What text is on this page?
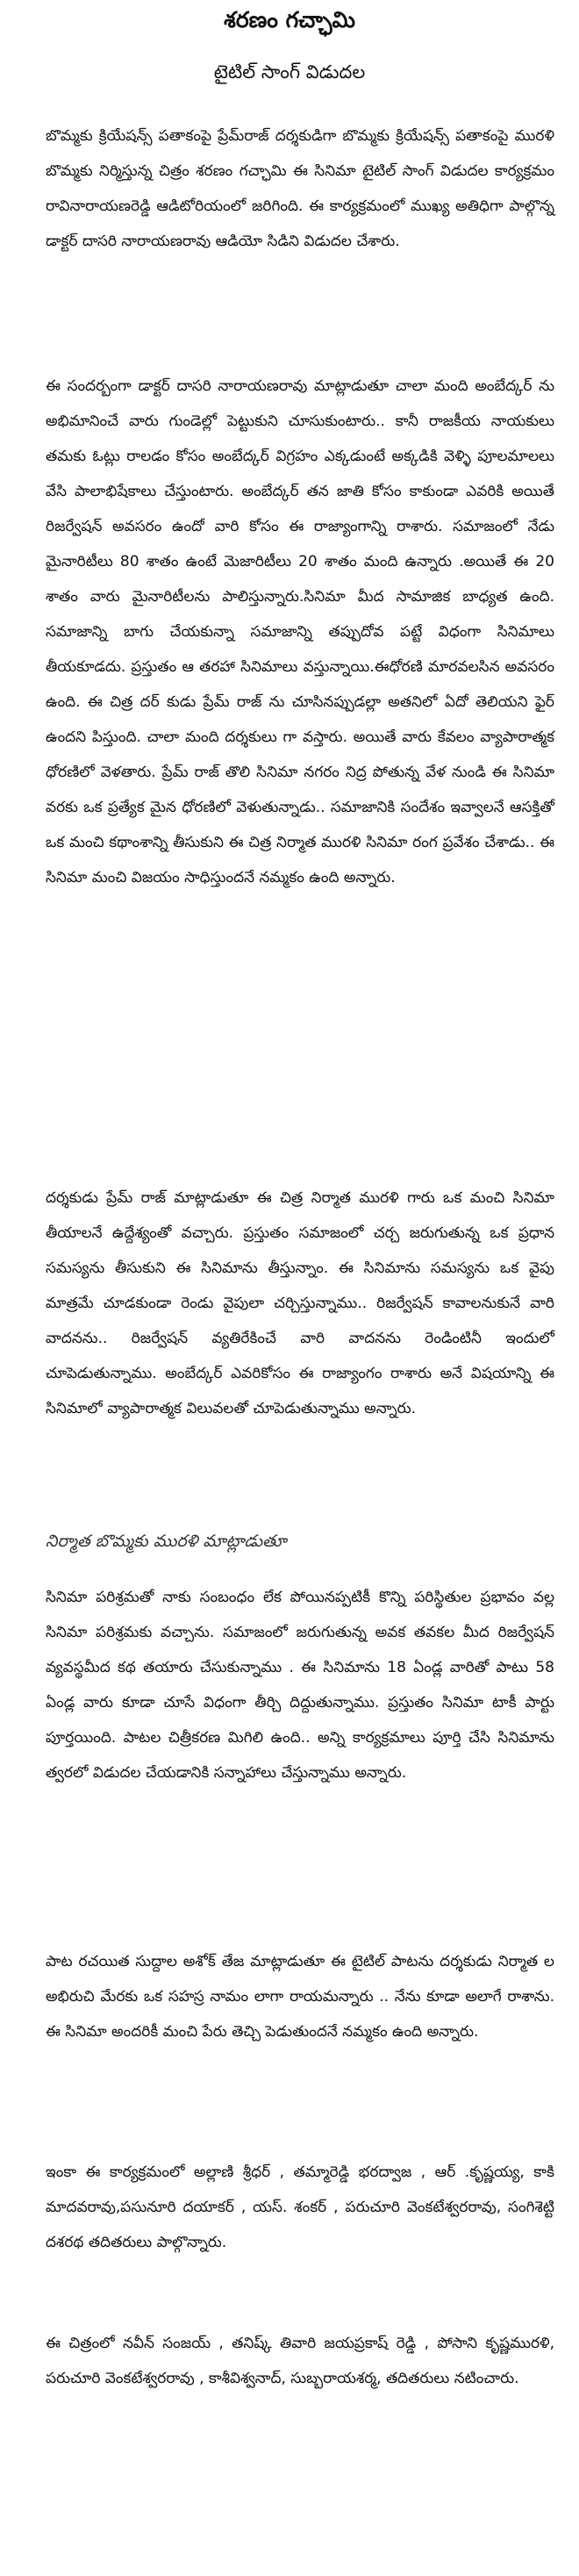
శరణం గచ్ఛామి
టైటిల్ సాంగ్ విడుదల

బొమ్మకు క్రియేషన్స్ పతాకంపై ప్రేమ్‌రాజ్ దర్శకుడిగా బొమ్మకు క్రియేషన్స్ పతాకంపై మురళి బొమ్మకు నిర్మిస్తున్న చిత్రం శరణం గచ్ఛామి ఈ సినిమా టైటిల్ సాంగ్ విడుదల కార్యక్రమం రావినారాయణరెడ్డి ఆడిటోరియంలో జరిగింది. ఈ కార్యక్రమంలో ముఖ్య అతిధిగా పాల్గొన్న డాక్టర్ దాసరి నారాయణరావు ఆడియో సిడిని విడుదల చేశారు.

ఈ సందర్బంగా డాక్టర్ దాసరి నారాయణరావు మాట్లాడుతూ చాలా మంది అంబేద్కర్ ను అభిమానించే వారు గుండెల్లో పెట్టుకుని చూసుకుంటారు.. కానీ రాజకీయ నాయకులు తమకు ఓట్లు రాలడం కోసం అంబేద్కర్ విగ్రహం ఎక్కడుంటే అక్కడికి వెళ్ళి పూలమాలలు వేసి పాలాభిషేకాలు చేస్తుంటారు. అంబేద్కర్ తన జాతి కోసం కాకుండా ఎవరికి అయితే రిజర్వేషన్ అవసరం ఉందో వారి కోసం ఈ రాజ్యాంగాన్ని రాశారు. సమాజంలో నేడు మైనారిటీలు 80 శాతం ఉంటే మెజారిటీలు 20 శాతం మంది ఉన్నారు .అయితే ఈ 20 శాతం వారు మైనారిటీలను పాలిస్తున్నారు.సినిమా మీద సామాజిక బాధ్యత ఉంది. సమాజాన్ని బాగు చేయకున్నా సమాజాన్ని తప్పుదోవ పట్టే విధంగా సినిమాలు తీయకూడదు. ప్రస్తుతం ఆ తరహా సినిమాలు వస్తున్నాయి.ఈధోరణి మారవలసిన అవసరం ఉంది. ఈ చిత్ర దర్ కుడు ప్రేమ్ రాజ్ ను చూసినప్పుడల్లా అతనిలో ఏదో తెలియని ఫైర్ ఉందని పిస్తుంది. చాలా మంది దర్శకులు గా వస్తారు. అయితే వారు కేవలం వ్యాపారాత్మక ధోరణిలో వెళతారు. ప్రేమ్ రాజ్ తొలి సినిమా నగరం నిద్ర పోతున్న వేళ నుండి ఈ సినిమా వరకు ఒక ప్రత్యేక మైన ధోరణిలో వెళుతున్నాడు.. సమాజానికి సందేశం ఇవ్వాలనే ఆసక్తితో ఒక మంచి కథాంశాన్ని తీసుకుని ఈ చిత్ర నిర్మాత మురళి సినిమా రంగ ప్రవేశం చేశాడు.. ఈ సినిమా మంచి విజయం సాధిస్తుందనే నమ్మకం ఉంది అన్నారు.

దర్శకుడు ప్రేమ్ రాజ్ మాట్లాడుతూ ఈ చిత్ర నిర్మాత మురళి గారు ఒక మంచి సినిమా తీయాలనే ఉద్దేశ్యంతో వచ్చారు. ప్రస్తుతం సమాజంలో చర్చ జరుగుతున్న ఒక ప్రధాన సమస్యను తీసుకుని ఈ సినిమాను తీస్తున్నాం. ఈ సినిమాను సమస్యను ఒక వైపు మాత్రమే చూడకుండా రెండు వైపులా చర్చిస్తున్నాము.. రిజర్వేషన్ కావాలనుకునే వారి వాదనను.. రిజర్వేషన్ వ్యతిరేకించే వారి వాదనను రెండింటినీ ఇందులో చూపెడుతున్నాము. అంబేద్కర్ ఎవరికోసం ఈ రాజ్యాంగం రాశారు అనే విషయాన్ని ఈ సినిమాలో వ్యాపారాత్మక విలువలతో చూపెడుతున్నాము అన్నారు.

నిర్మాత బొమ్మకు మురళి మాట్లాడుతూ

సినిమా పరిశ్రమతో నాకు సంబంధం లేక పోయినప్పటికీ కొన్ని పరిస్థితుల ప్రభావం వల్ల సినిమా పరిశ్రమకు వచ్చాను. సమాజంలో జరుగుతున్న అవక తవకల మీద రిజర్వేషన్ వ్యవస్థమీద కథ తయారు చేసుకున్నాము . ఈ సినిమాను 18 ఏండ్ల వారితో పాటు 58 ఏండ్ల వారు కూడా చూసే విధంగా తీర్చి దిద్దుతున్నాము. ప్రస్తుతం సినిమా టాకీ పార్టు పూర్తయింది. పాటల చిత్రీకరణ మిగిలి ఉంది.. అన్ని కార్యక్రమాలు పూర్తి చేసి సినిమాను త్వరలో విడుదల చేయడానికి సన్నాహాలు చేస్తున్నాము అన్నారు.

పాట రచయిత సుద్దాల అశోక్ తేజ మాట్లాడుతూ ఈ టైటిల్ పాటను దర్శకుడు నిర్మాత ల అభిరుచి మేరకు ఒక సహస్ర నామం లాగా రాయమన్నారు .. నేను కూడా అలాగే రాశాను. ఈ సినిమా అందరికీ మంచి పేరు తెచ్చి పెడుతుందనే నమ్మకం ఉంది అన్నారు.

ఇంకా ఈ కార్యక్రమంలో అల్లాణి శ్రీధర్ , తమ్మారెడ్డి భరద్వాజ , ఆర్ .కృష్ణయ్య, కాకి మాదవరావు,పసునూరి దయాకర్ , యస్. శంకర్ , పరుచూరి వెంకటేశ్వరరావు, సంగిశెట్టి దశరథ తదితరులు పాల్గొన్నారు.

ఈ చిత్రంలో నవీన్ సంజయ్ , తనిష్క్ తివారి జయప్రకాష్ రెడ్డి , పోసాని కృష్ణమురళి, పరుచూరి వెంకటేశ్వరరావు , కాశీవిశ్వనాద్, సుబ్బరాయశర్మ, తదితరులు నటించారు.
